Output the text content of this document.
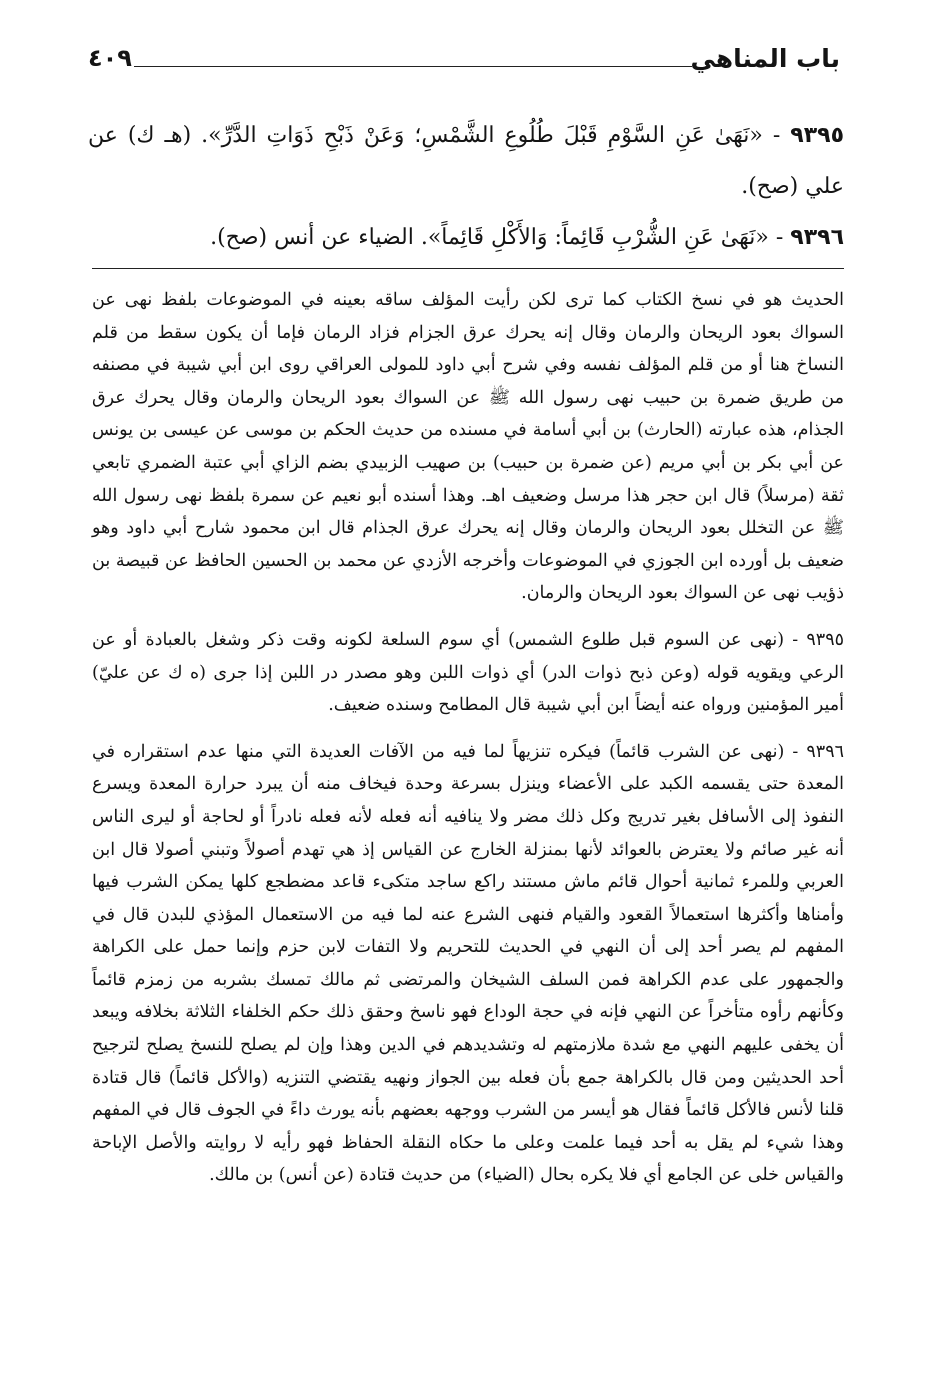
٤٠٩	باب المناهي

٩٣٩٥ - «نَهَىٰ عَنِ السَّوْمِ قَبْلَ طُلُوعِ الشَّمْسِ؛ وَعَنْ ذَبْحِ ذَوَاتِ الدَّرِّ». (هـ ك) عن علي (صح).

٩٣٩٦ - «نَهَىٰ عَنِ الشُّرْبِ قَائِماً: وَالأَكْلِ قَائِماً». الضياء عن أنس (صح).

الحديث هو في نسخ الكتاب كما ترى لكن رأيت المؤلف ساقه بعينه في الموضوعات بلفظ نهى عن السواك بعود الريحان والرمان وقال إنه يحرك عرق الجزام فزاد الرمان فإما أن يكون سقط من قلم النساخ هنا أو من قلم المؤلف نفسه وفي شرح أبي داود للمولى العراقي روى ابن أبي شيبة في مصنفه من طريق ضمرة بن حبيب نهى رسول الله ﷺ عن السواك بعود الريحان والرمان وقال يحرك عرق الجذام، هذه عبارته (الحارث) بن أبي أسامة في مسنده من حديث الحكم بن موسى عن عيسى بن يونس عن أبي بكر بن أبي مريم (عن ضمرة بن حبيب) بن صهيب الزبيدي بضم الزاي أبي عتبة الضمري تابعي ثقة (مرسلاً) قال ابن حجر هذا مرسل وضعيف اهـ. وهذا أسنده أبو نعيم عن سمرة بلفظ نهى رسول الله ﷺ عن التخلل بعود الريحان والرمان وقال إنه يحرك عرق الجذام قال ابن محمود شارح أبي داود وهو ضعيف بل أورده ابن الجوزي في الموضوعات وأخرجه الأزدي عن محمد بن الحسين الحافظ عن قبيصة بن ذؤيب نهى عن السواك بعود الريحان والرمان.

٩٣٩٥ - (نهى عن السوم قبل طلوع الشمس) أي سوم السلعة لكونه وقت ذكر وشغل بالعبادة أو عن الرعي ويقويه قوله (وعن ذبح ذوات الدر) أي ذوات اللبن وهو مصدر در اللبن إذا جرى (ه ك عن عليّ) أمير المؤمنين ورواه عنه أيضاً ابن أبي شيبة قال المطامح وسنده ضعيف.

٩٣٩٦ - (نهى عن الشرب قائماً) فيكره تنزيهاً لما فيه من الآفات العديدة التي منها عدم استقراره في المعدة حتى يقسمه الكبد على الأعضاء وينزل بسرعة وحدة فيخاف منه أن يبرد حرارة المعدة ويسرع النفوذ إلى الأسافل بغير تدريج وكل ذلك مضر ولا ينافيه أنه فعله لأنه فعله نادراً أو لحاجة أو ليرى الناس أنه غير صائم ولا يعترض بالعوائد لأنها بمنزلة الخارج عن القياس إذ هي تهدم أصولاً وتبني أصولا قال ابن العربي وللمرء ثمانية أحوال قائم ماش مستند راكع ساجد متكىء قاعد مضطجع كلها يمكن الشرب فيها وأمناها وأكثرها استعمالاً القعود والقيام فنهى الشرع عنه لما فيه من الاستعمال المؤذي للبدن قال في المفهم لم يصر أحد إلى أن النهي في الحديث للتحريم ولا التفات لابن حزم وإنما حمل على الكراهة والجمهور على عدم الكراهة فمن السلف الشيخان والمرتضى ثم مالك تمسك بشربه من زمزم قائماً وكأنهم رأوه متأخراً عن النهي فإنه في حجة الوداع فهو ناسخ وحقق ذلك حكم الخلفاء الثلاثة بخلافه ويبعد أن يخفى عليهم النهي مع شدة ملازمتهم له وتشديدهم في الدين وهذا وإن لم يصلح للنسخ يصلح لترجيح أحد الحديثين ومن قال بالكراهة جمع بأن فعله بين الجواز ونهيه يقتضي التنزيه (والأكل قائماً) قال قتادة قلنا لأنس فالأكل قائماً فقال هو أيسر من الشرب ووجهه بعضهم بأنه يورث داءً في الجوف قال في المفهم وهذا شيء لم يقل به أحد فيما علمت وعلى ما حكاه النقلة الحفاظ فهو رأيه لا روايته والأصل الإباحة والقياس خلى عن الجامع أي فلا يكره بحال (الضياء) من حديث قتادة (عن أنس) بن مالك.
